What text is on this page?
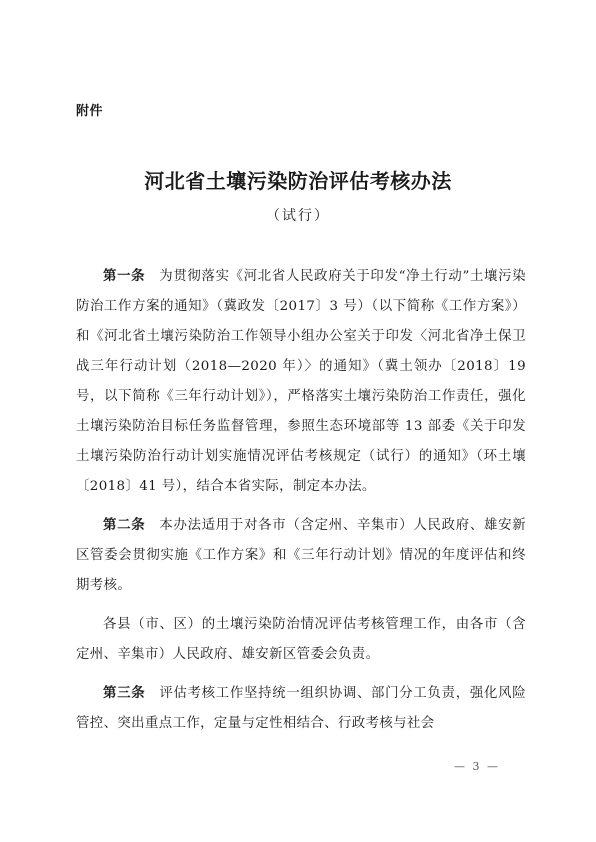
附件
河北省土壤污染防治评估考核办法
（试行）

第一条 为贯彻落实《河北省人民政府关于印发“净土行动”土壤污染防治工作方案的通知》（冀政发〔2017〕3 号）（以下简称《工作方案》）和《河北省土壤污染防治工作领导小组办公室关于印发〈河北省净土保卫战三年行动计划（2018—2020 年）〉的通知》（冀土领办〔2018〕19 号，以下简称《三年行动计划》），严格落实土壤污染防治工作责任，强化土壤污染防治目标任务监督管理，参照生态环境部等 13 部委《关于印发土壤污染防治行动计划实施情况评估考核规定（试行）的通知》（环土壤〔2018〕41 号），结合本省实际，制定本办法。

第二条 本办法适用于对各市（含定州、辛集市）人民政府、雄安新区管委会贯彻实施《工作方案》和《三年行动计划》情况的年度评估和终期考核。

各县（市、区）的土壤污染防治情况评估考核管理工作，由各市（含定州、辛集市）人民政府、雄安新区管委会负责。

第三条 评估考核工作坚持统一组织协调、部门分工负责，强化风险管控、突出重点工作，定量与定性相结合、行政考核与社会

— 3 —
